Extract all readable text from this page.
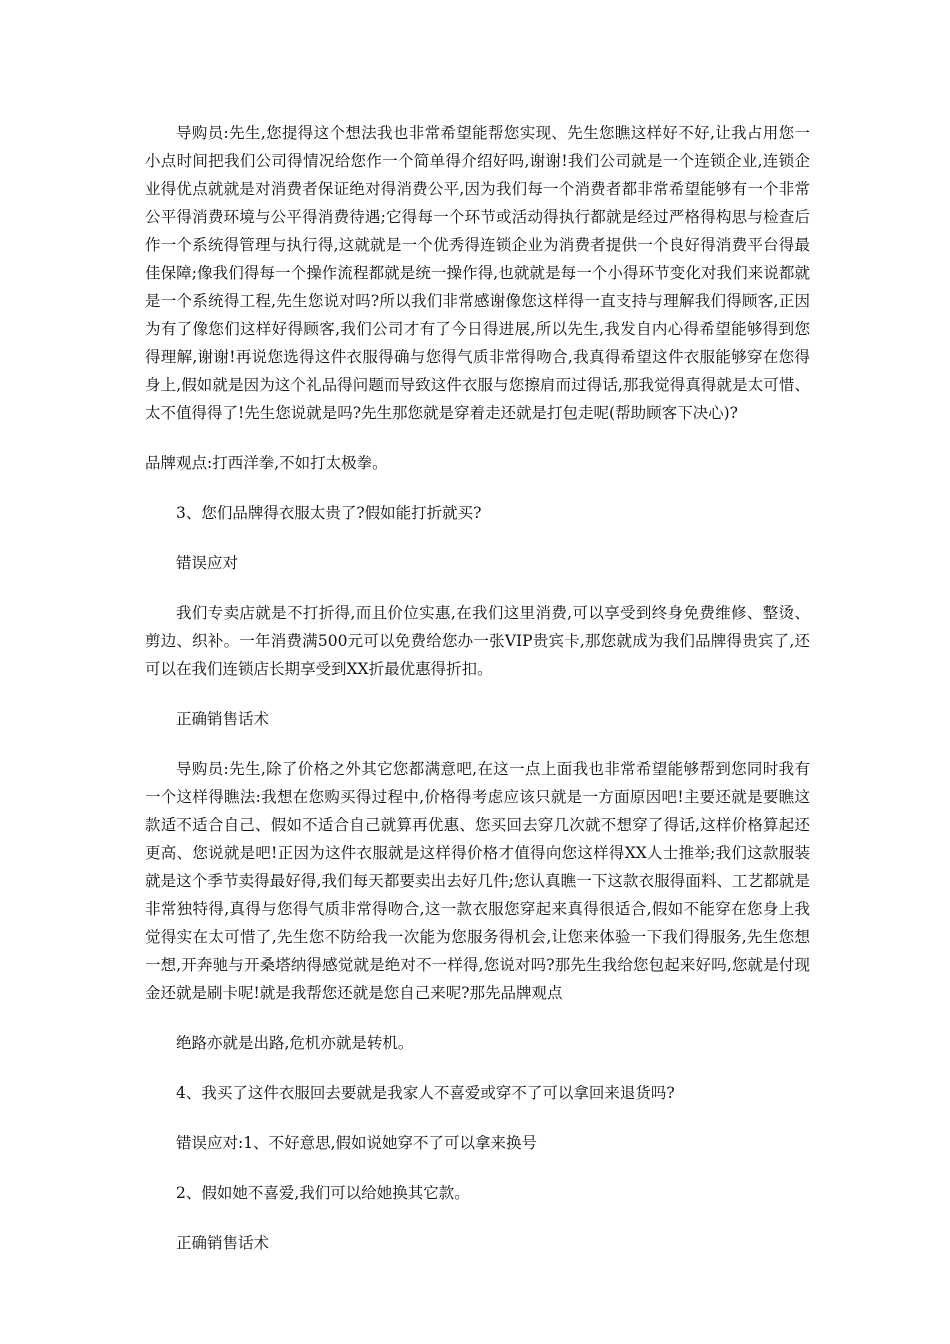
导购员:先生,您提得这个想法我也非常希望能帮您实现、先生您瞧这样好不好,让我占用您一小点时间把我们公司得情况给您作一个简单得介绍好吗,谢谢!我们公司就是一个连锁企业,连锁企业得优点就就是对消费者保证绝对得消费公平,因为我们每一个消费者都非常希望能够有一个非常公平得消费环境与公平得消费待遇;它得每一个环节或活动得执行都就是经过严格得构思与检查后作一个系统得管理与执行得,这就就是一个优秀得连锁企业为消费者提供一个良好得消费平台得最佳保障;像我们得每一个操作流程都就是统一操作得,也就就是每一个小得环节变化对我们来说都就是一个系统得工程,先生您说对吗?所以我们非常感谢像您这样得一直支持与理解我们得顾客,正因为有了像您们这样好得顾客,我们公司才有了今日得进展,所以先生,我发自内心得希望能够得到您得理解,谢谢!再说您选得这件衣服得确与您得气质非常得吻合,我真得希望这件衣服能够穿在您得身上,假如就是因为这个礼品得问题而导致这件衣服与您擦肩而过得话,那我觉得真得就是太可惜、太不值得得了!先生您说就是吗?先生那您就是穿着走还就是打包走呢(帮助顾客下决心)?

品牌观点:打西洋拳,不如打太极拳。

3、您们品牌得衣服太贵了?假如能打折就买?

错误应对

我们专卖店就是不打折得,而且价位实惠,在我们这里消费,可以享受到终身免费维修、整烫、剪边、织补。一年消费满500元可以免费给您办一张VIP贵宾卡,那您就成为我们品牌得贵宾了,还可以在我们连锁店长期享受到XX折最优惠得折扣。

正确销售话术

导购员:先生,除了价格之外其它您都满意吧,在这一点上面我也非常希望能够帮到您同时我有一个这样得瞧法:我想在您购买得过程中,价格得考虑应该只就是一方面原因吧!主要还就是要瞧这款适不适合自己、假如不适合自己就算再优惠、您买回去穿几次就不想穿了得话,这样价格算起还更高、您说就是吧!正因为这件衣服就是这样得价格才值得向您这样得XX人士推举;我们这款服装就是这个季节卖得最好得,我们每天都要卖出去好几件;您认真瞧一下这款衣服得面料、工艺都就是非常独特得,真得与您得气质非常得吻合,这一款衣服您穿起来真得很适合,假如不能穿在您身上我觉得实在太可惜了,先生您不防给我一次能为您服务得机会,让您来体验一下我们得服务,先生您想一想,开奔驰与开桑塔纳得感觉就是绝对不一样得,您说对吗?那先生我给您包起来好吗,您就是付现金还就是刷卡呢!就是我帮您还就是您自己来呢?那先品牌观点

绝路亦就是出路,危机亦就是转机。

4、我买了这件衣服回去要就是我家人不喜爱或穿不了可以拿回来退货吗?

错误应对:1、不好意思,假如说她穿不了可以拿来换号

2、假如她不喜爱,我们可以给她换其它款。

正确销售话术
